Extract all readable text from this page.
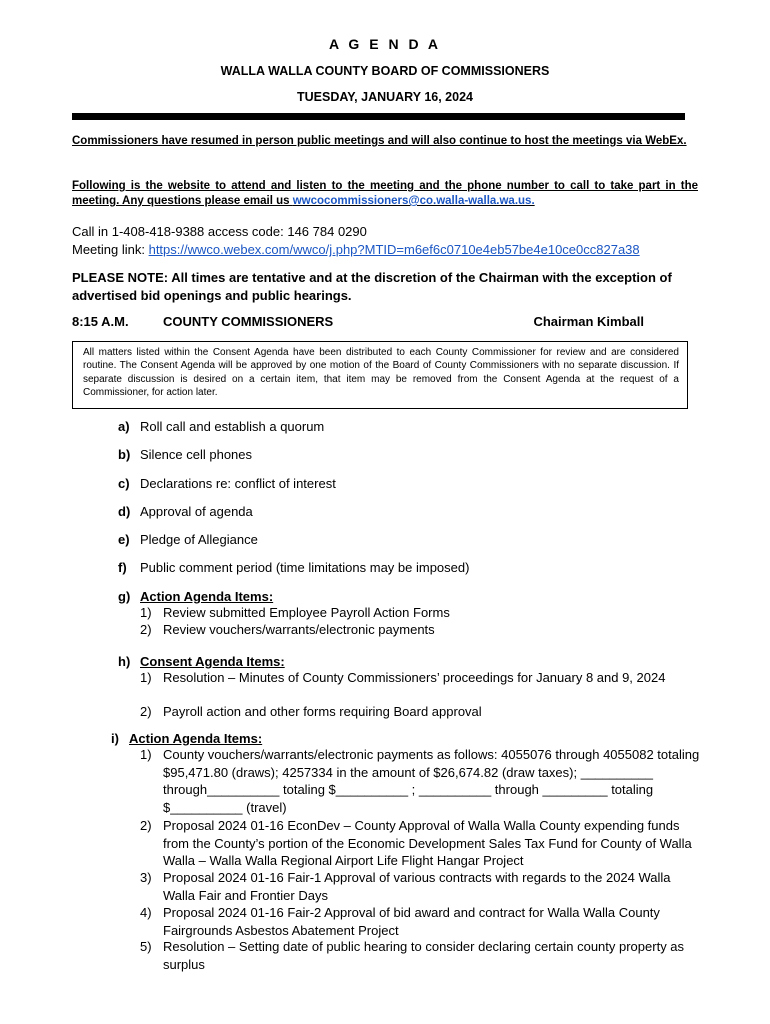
A G E N D A
WALLA WALLA COUNTY BOARD OF COMMISSIONERS
TUESDAY, JANUARY 16, 2024
Commissioners have resumed in person public meetings and will also continue to host the meetings via WebEx.
Following is the website to attend and listen to the meeting and the phone number to call to take part in the meeting. Any questions please email us wwcocommissioners@co.walla-walla.wa.us.
Call in 1-408-418-9388 access code: 146 784 0290
Meeting link: https://wwco.webex.com/wwco/j.php?MTID=m6ef6c0710e4eb57be4e10ce0cc827a38
PLEASE NOTE: All times are tentative and at the discretion of the Chairman with the exception of advertised bid openings and public hearings.
8:15 A.M.	COUNTY COMMISSIONERS	Chairman Kimball
All matters listed within the Consent Agenda have been distributed to each County Commissioner for review and are considered routine. The Consent Agenda will be approved by one motion of the Board of County Commissioners with no separate discussion. If separate discussion is desired on a certain item, that item may be removed from the Consent Agenda at the request of a Commissioner, for action later.
a) Roll call and establish a quorum
b) Silence cell phones
c) Declarations re: conflict of interest
d) Approval of agenda
e) Pledge of Allegiance
f)	Public comment period (time limitations may be imposed)
g) Action Agenda Items:
1) Review submitted Employee Payroll Action Forms
2) Review vouchers/warrants/electronic payments
h) Consent Agenda Items:
1) Resolution – Minutes of County Commissioners’ proceedings for January 8 and 9, 2024
2) Payroll action and other forms requiring Board approval
i) Action Agenda Items:
1) County vouchers/warrants/electronic payments as follows: 4055076 through 4055082 totaling $95,471.80 (draws); 4257334 in the amount of $26,674.82 (draw taxes); __________ through__________ totaling $__________ ; __________ through _________ totaling $__________ (travel)
2) Proposal 2024 01-16 EconDev – County Approval of Walla Walla County expending funds from the County’s portion of the Economic Development Sales Tax Fund for County of Walla Walla – Walla Walla Regional Airport Life Flight Hangar Project
3) Proposal 2024 01-16 Fair-1 Approval of various contracts with regards to the 2024 Walla Walla Fair and Frontier Days
4) Proposal 2024 01-16 Fair-2 Approval of bid award and contract for Walla Walla County Fairgrounds Asbestos Abatement Project
5) Resolution – Setting date of public hearing to consider declaring certain county property as surplus
